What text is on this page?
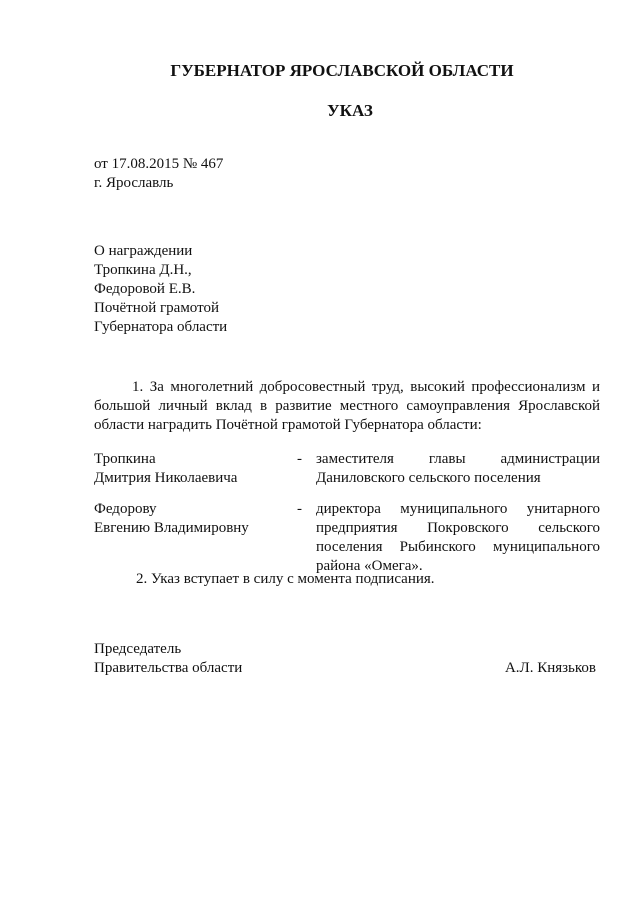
ГУБЕРНАТОР ЯРОСЛАВСКОЙ ОБЛАСТИ
УКАЗ
от 17.08.2015 № 467
г. Ярославль
О награждении
Тропкина Д.Н.,
Федоровой Е.В.
Почётной грамотой
Губернатора области
1. За многолетний добросовестный труд, высокий профессионализм и большой личный вклад в развитие местного самоуправления Ярославской области наградить Почётной грамотой Губернатора области:
Тропкина
Дмитрия Николаевича
- заместителя главы администрации Даниловского сельского поселения
Федорову
Евгению Владимировну
- директора муниципального унитарного предприятия Покровского сельского поселения Рыбинского муниципального района «Омега».
2. Указ вступает в силу с момента подписания.
Председатель
Правительства области	А.Л. Князьков
